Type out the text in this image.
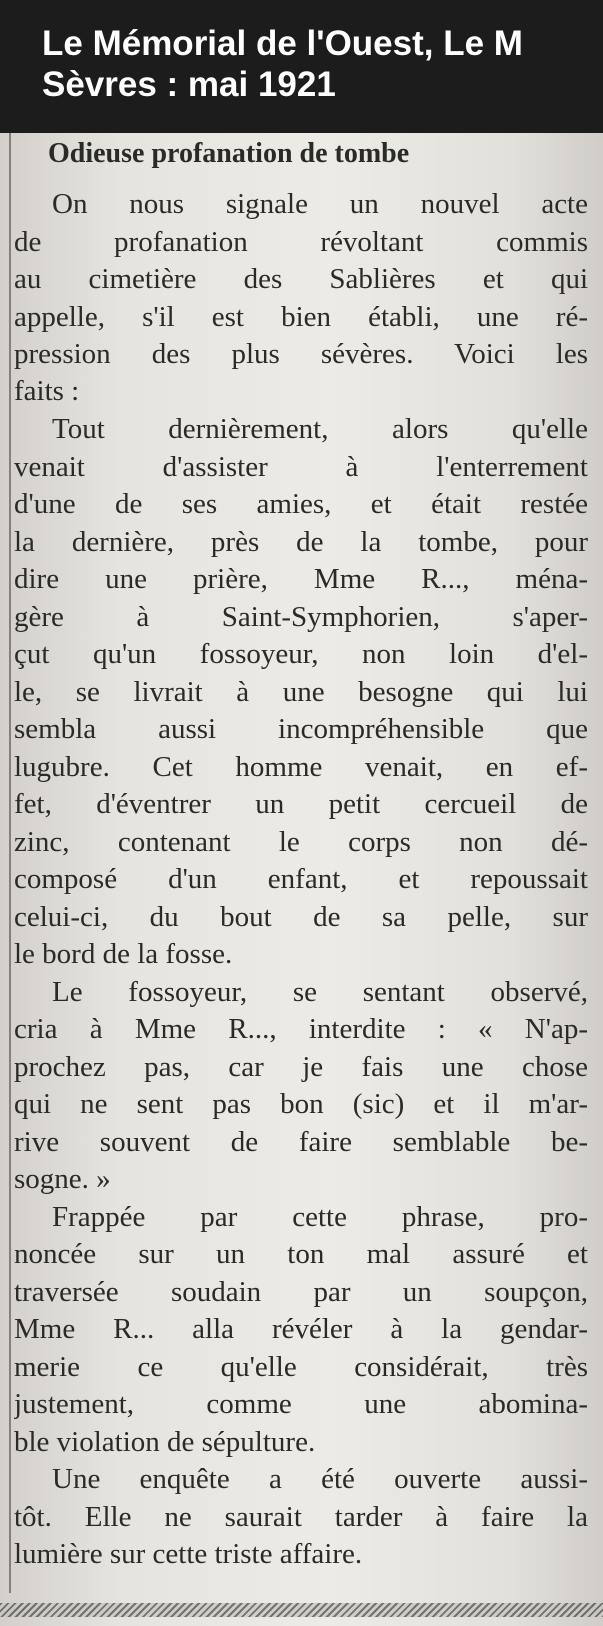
Le Mémorial de l'Ouest, Le M
Sèvres : mai 1921
Odieuse profanation de tombe
On nous signale un nouvel acte
de profanation révoltant commis
au cimetière des Sablières et qui
appelle, s'il est bien établi, une ré-
pression des plus sévères. Voici les
faits :
Tout dernièrement, alors qu'elle
venait d'assister à l'enterrement
d'une de ses amies, et était restée
la dernière, près de la tombe, pour
dire une prière, Mme R..., ména-
gère à Saint-Symphorien, s'aper-
çut qu'un fossoyeur, non loin d'el-
le, se livrait à une besogne qui lui
sembla aussi incompréhensible que
lugubre. Cet homme venait, en ef-
fet, d'éventrer un petit cercueil de
zinc, contenant le corps non dé-
composé d'un enfant, et repoussait
celui-ci, du bout de sa pelle, sur
le bord de la fosse.
Le fossoyeur, se sentant observé,
cria à Mme R..., interdite : « N'ap-
prochez pas, car je fais une chose
qui ne sent pas bon (sic) et il m'ar-
rive souvent de faire semblable be-
sogne. »
Frappée par cette phrase, pro-
noncée sur un ton mal assuré et
traversée soudain par un soupçon,
Mme R... alla révéler à la gendar-
merie ce qu'elle considérait, très
justement, comme une abomina-
ble violation de sépulture.
Une enquête a été ouverte aussi-
tôt. Elle ne saurait tarder à faire la
lumière sur cette triste affaire.
